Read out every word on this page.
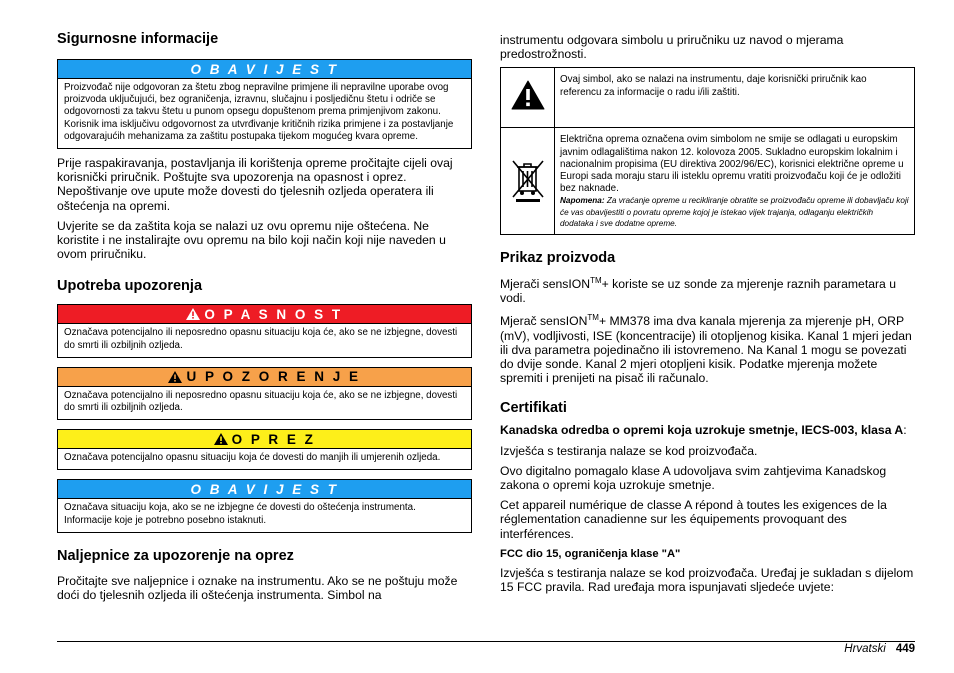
Sigurnosne informacije
O B A V I J E S T
Proizvođač nije odgovoran za štetu zbog nepravilne primjene ili nepravilne uporabe ovog proizvoda uključujući, bez ograničenja, izravnu, slučajnu i posljedičnu štetu i odriče se odgovornosti za takvu štetu u punom opsegu dopuštenom prema primjenjivom zakonu. Korisnik ima isključivu odgovornost za utvrđivanje kritičnih rizika primjene i za postavljanje odgovarajućih mehanizama za zaštitu postupaka tijekom mogućeg kvara opreme.

Prije raspakiravanja, postavljanja ili korištenja opreme pročitajte cijeli ovaj korisnički priručnik. Poštujte sva upozorenja na opasnost i oprez. Nepoštivanje ove upute može dovesti do tjelesnih ozljeda operatera ili oštećenja na opremi.

Uvjerite se da zaštita koja se nalazi uz ovu opremu nije oštećena. Ne koristite i ne instalirajte ovu opremu na bilo koji način koji nije naveden u ovom priručniku.

Upotreba upozorenja
O P A S N O S T
Označava potencijalno ili neposredno opasnu situaciju koja će, ako se ne izbjegne, dovesti do smrti ili ozbiljnih ozljeda.
U P O Z O R E N J E
Označava potencijalno ili neposredno opasnu situaciju koja će, ako se ne izbjegne, dovesti do smrti ili ozbiljnih ozljeda.
O P R E Z
Označava potencijalno opasnu situaciju koja će dovesti do manjih ili umjerenih ozljeda.
O B A V I J E S T
Označava situaciju koja, ako se ne izbjegne će dovesti do oštećenja instrumenta. Informacije koje je potrebno posebno istaknuti.
Naljepnice za upozorenje na oprez

Pročitajte sve naljepnice i oznake na instrumentu. Ako se ne poštuju može doći do tjelesnih ozljeda ili oštećenja instrumenta. Simbol na

instrumentu odgovara simbolu u priručniku uz navod o mjerama predostrožnosti.

	Ovaj simbol, ako se nalazi na instrumentu, daje korisnički priručnik kao referencu za informacije o radu i/ili zaštiti.

Električna oprema označena ovim simbolom ne smije se odlagati u europskim javnim odlagalištima nakon 12. kolovoza 2005. Sukladno europskim lokalnim i nacionalnim propisima (EU direktiva 2002/96/EC), korisnici električne opreme u Europi sada moraju staru ili isteklu opremu vratiti proizvođaču koji će je odložiti bez naknade.
Napomena: Za vraćanje opreme u recikliranje obratite se proizvođaču opreme ili dobavljaču koji će vas obavijestiti o povratu opreme kojoj je istekao vijek trajanja, odlaganju električkih dodataka i sve dodatne opreme.
Prikaz proizvoda

Mjerači sensION™+ koriste se uz sonde za mjerenje raznih parametara u vodi.

Mjerač sensION™+ MM378 ima dva kanala mjerenja za mjerenje pH, ORP (mV), vodljivosti, ISE (koncentracije) ili otopljenog kisika. Kanal 1 mjeri jedan ili dva parametra pojedinačno ili istovremeno. Na Kanal 1 mogu se povezati do dvije sonde. Kanal 2 mjeri otopljeni kisik. Podatke mjerenja možete spremiti i prenijeti na pisač ili računalo.

Certifikati

Kanadska odredba o opremi koja uzrokuje smetnje, IECS-003, klasa A:

Izvješća s testiranja nalaze se kod proizvođača.

Ovo digitalno pomagalo klase A udovoljava svim zahtjevima Kanadskog zakona o opremi koja uzrokuje smetnje.

Cet appareil numérique de classe A répond à toutes les exigences de la réglementation canadienne sur les équipements provoquant des interférences.

FCC dio 15, ograničenja klase "A"

Izvješća s testiranja nalaze se kod proizvođača. Uređaj je sukladan s dijelom 15 FCC pravila. Rad uređaja mora ispunjavati sljedeće uvjete:

Hrvatski 449
